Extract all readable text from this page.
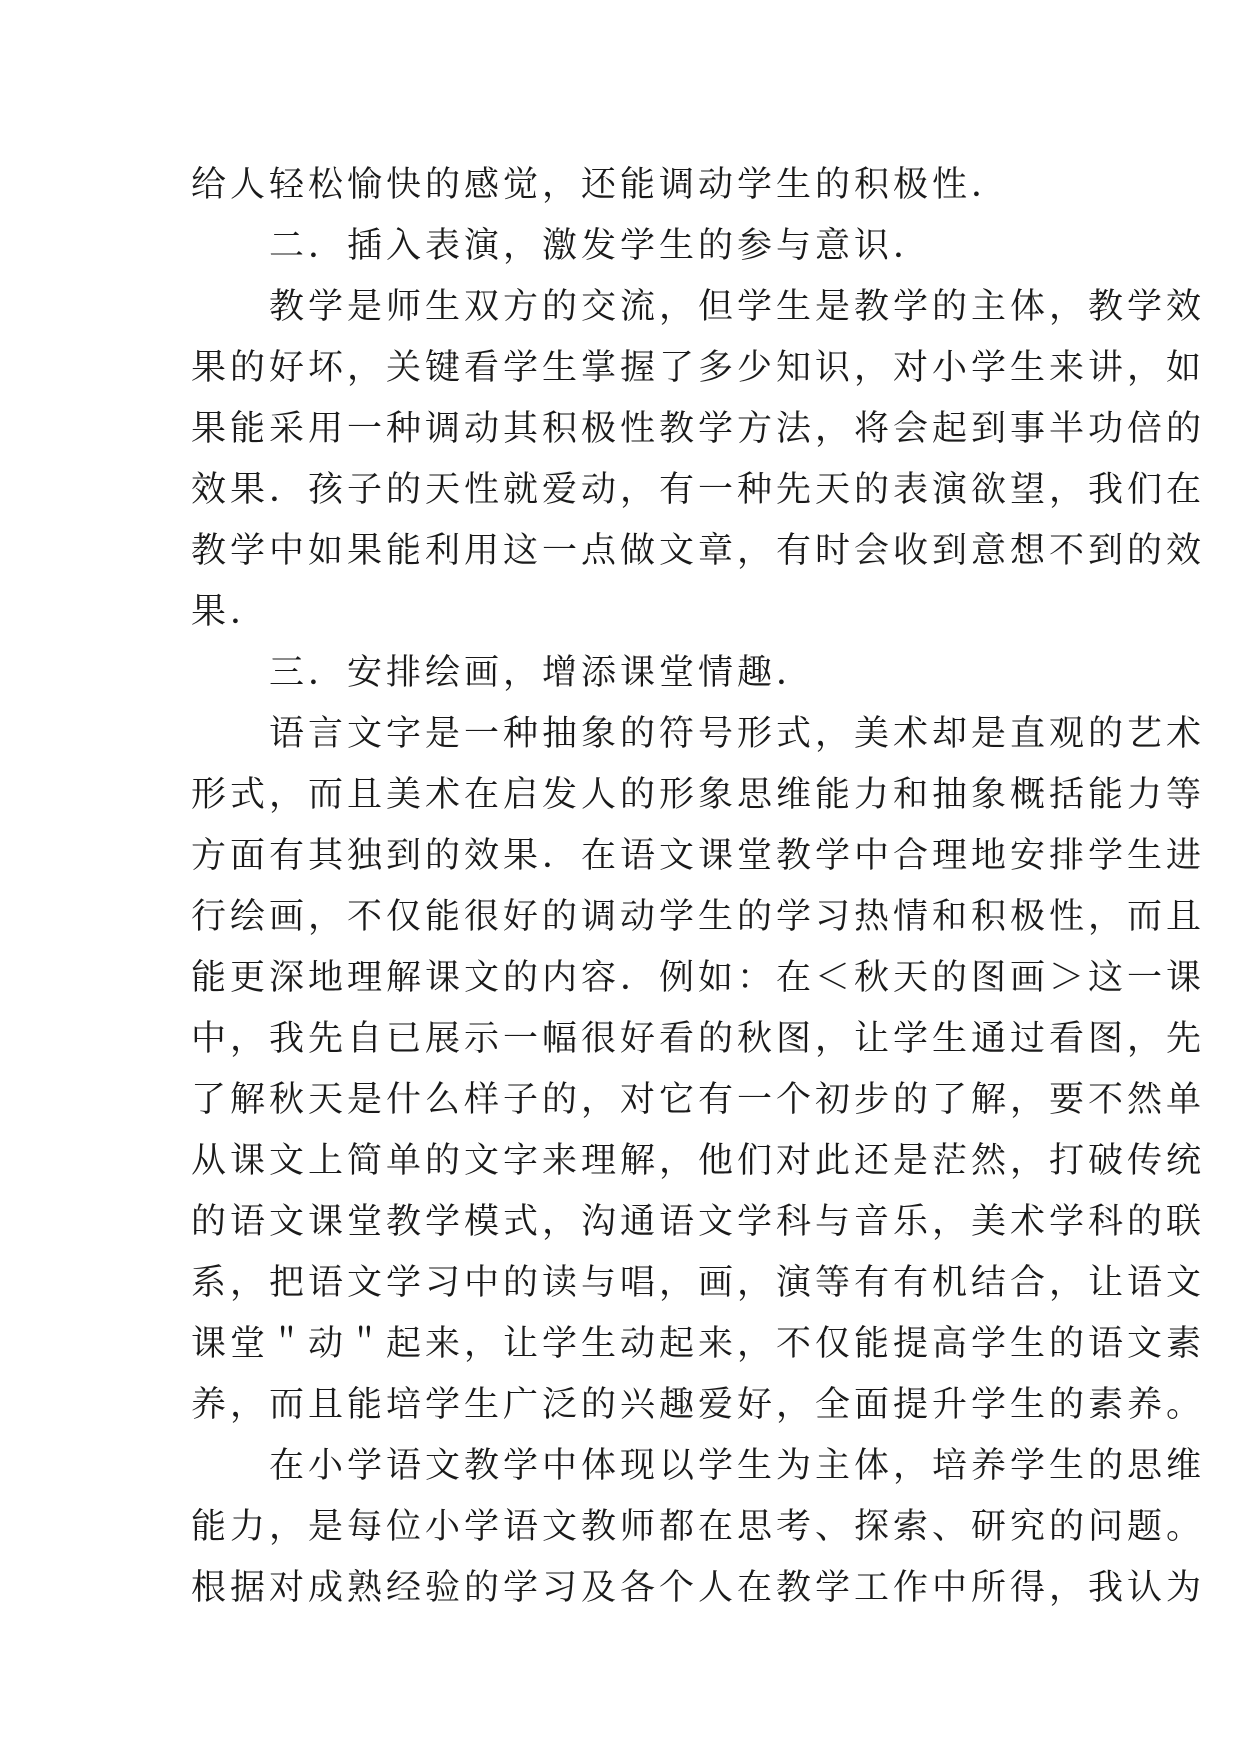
给人轻松愉快的感觉，还能调动学生的积极性．
二．插入表演，激发学生的参与意识．
教学是师生双方的交流，但学生是教学的主体，教学效
果的好坏，关键看学生掌握了多少知识，对小学生来讲，如
果能采用一种调动其积极性教学方法，将会起到事半功倍的
效果．孩子的天性就爱动，有一种先天的表演欲望，我们在
教学中如果能利用这一点做文章，有时会收到意想不到的效
果．
三．安排绘画，增添课堂情趣．
语言文字是一种抽象的符号形式，美术却是直观的艺术
形式，而且美术在启发人的形象思维能力和抽象概括能力等
方面有其独到的效果．在语文课堂教学中合理地安排学生进
行绘画，不仅能很好的调动学生的学习热情和积极性，而且
能更深地理解课文的内容．例如：在＜秋天的图画＞这一课
中，我先自已展示一幅很好看的秋图，让学生通过看图，先
了解秋天是什么样子的，对它有一个初步的了解，要不然单
从课文上简单的文字来理解，他们对此还是茫然，打破传统
的语文课堂教学模式，沟通语文学科与音乐，美术学科的联
系，把语文学习中的读与唱，画，演等有有机结合，让语文
课堂＂动＂起来，让学生动起来，不仅能提高学生的语文素
养，而且能培学生广泛的兴趣爱好，全面提升学生的素养。
在小学语文教学中体现以学生为主体，培养学生的思维
能力，是每位小学语文教师都在思考、探索、研究的问题。
根据对成熟经验的学习及各个人在教学工作中所得，我认为
